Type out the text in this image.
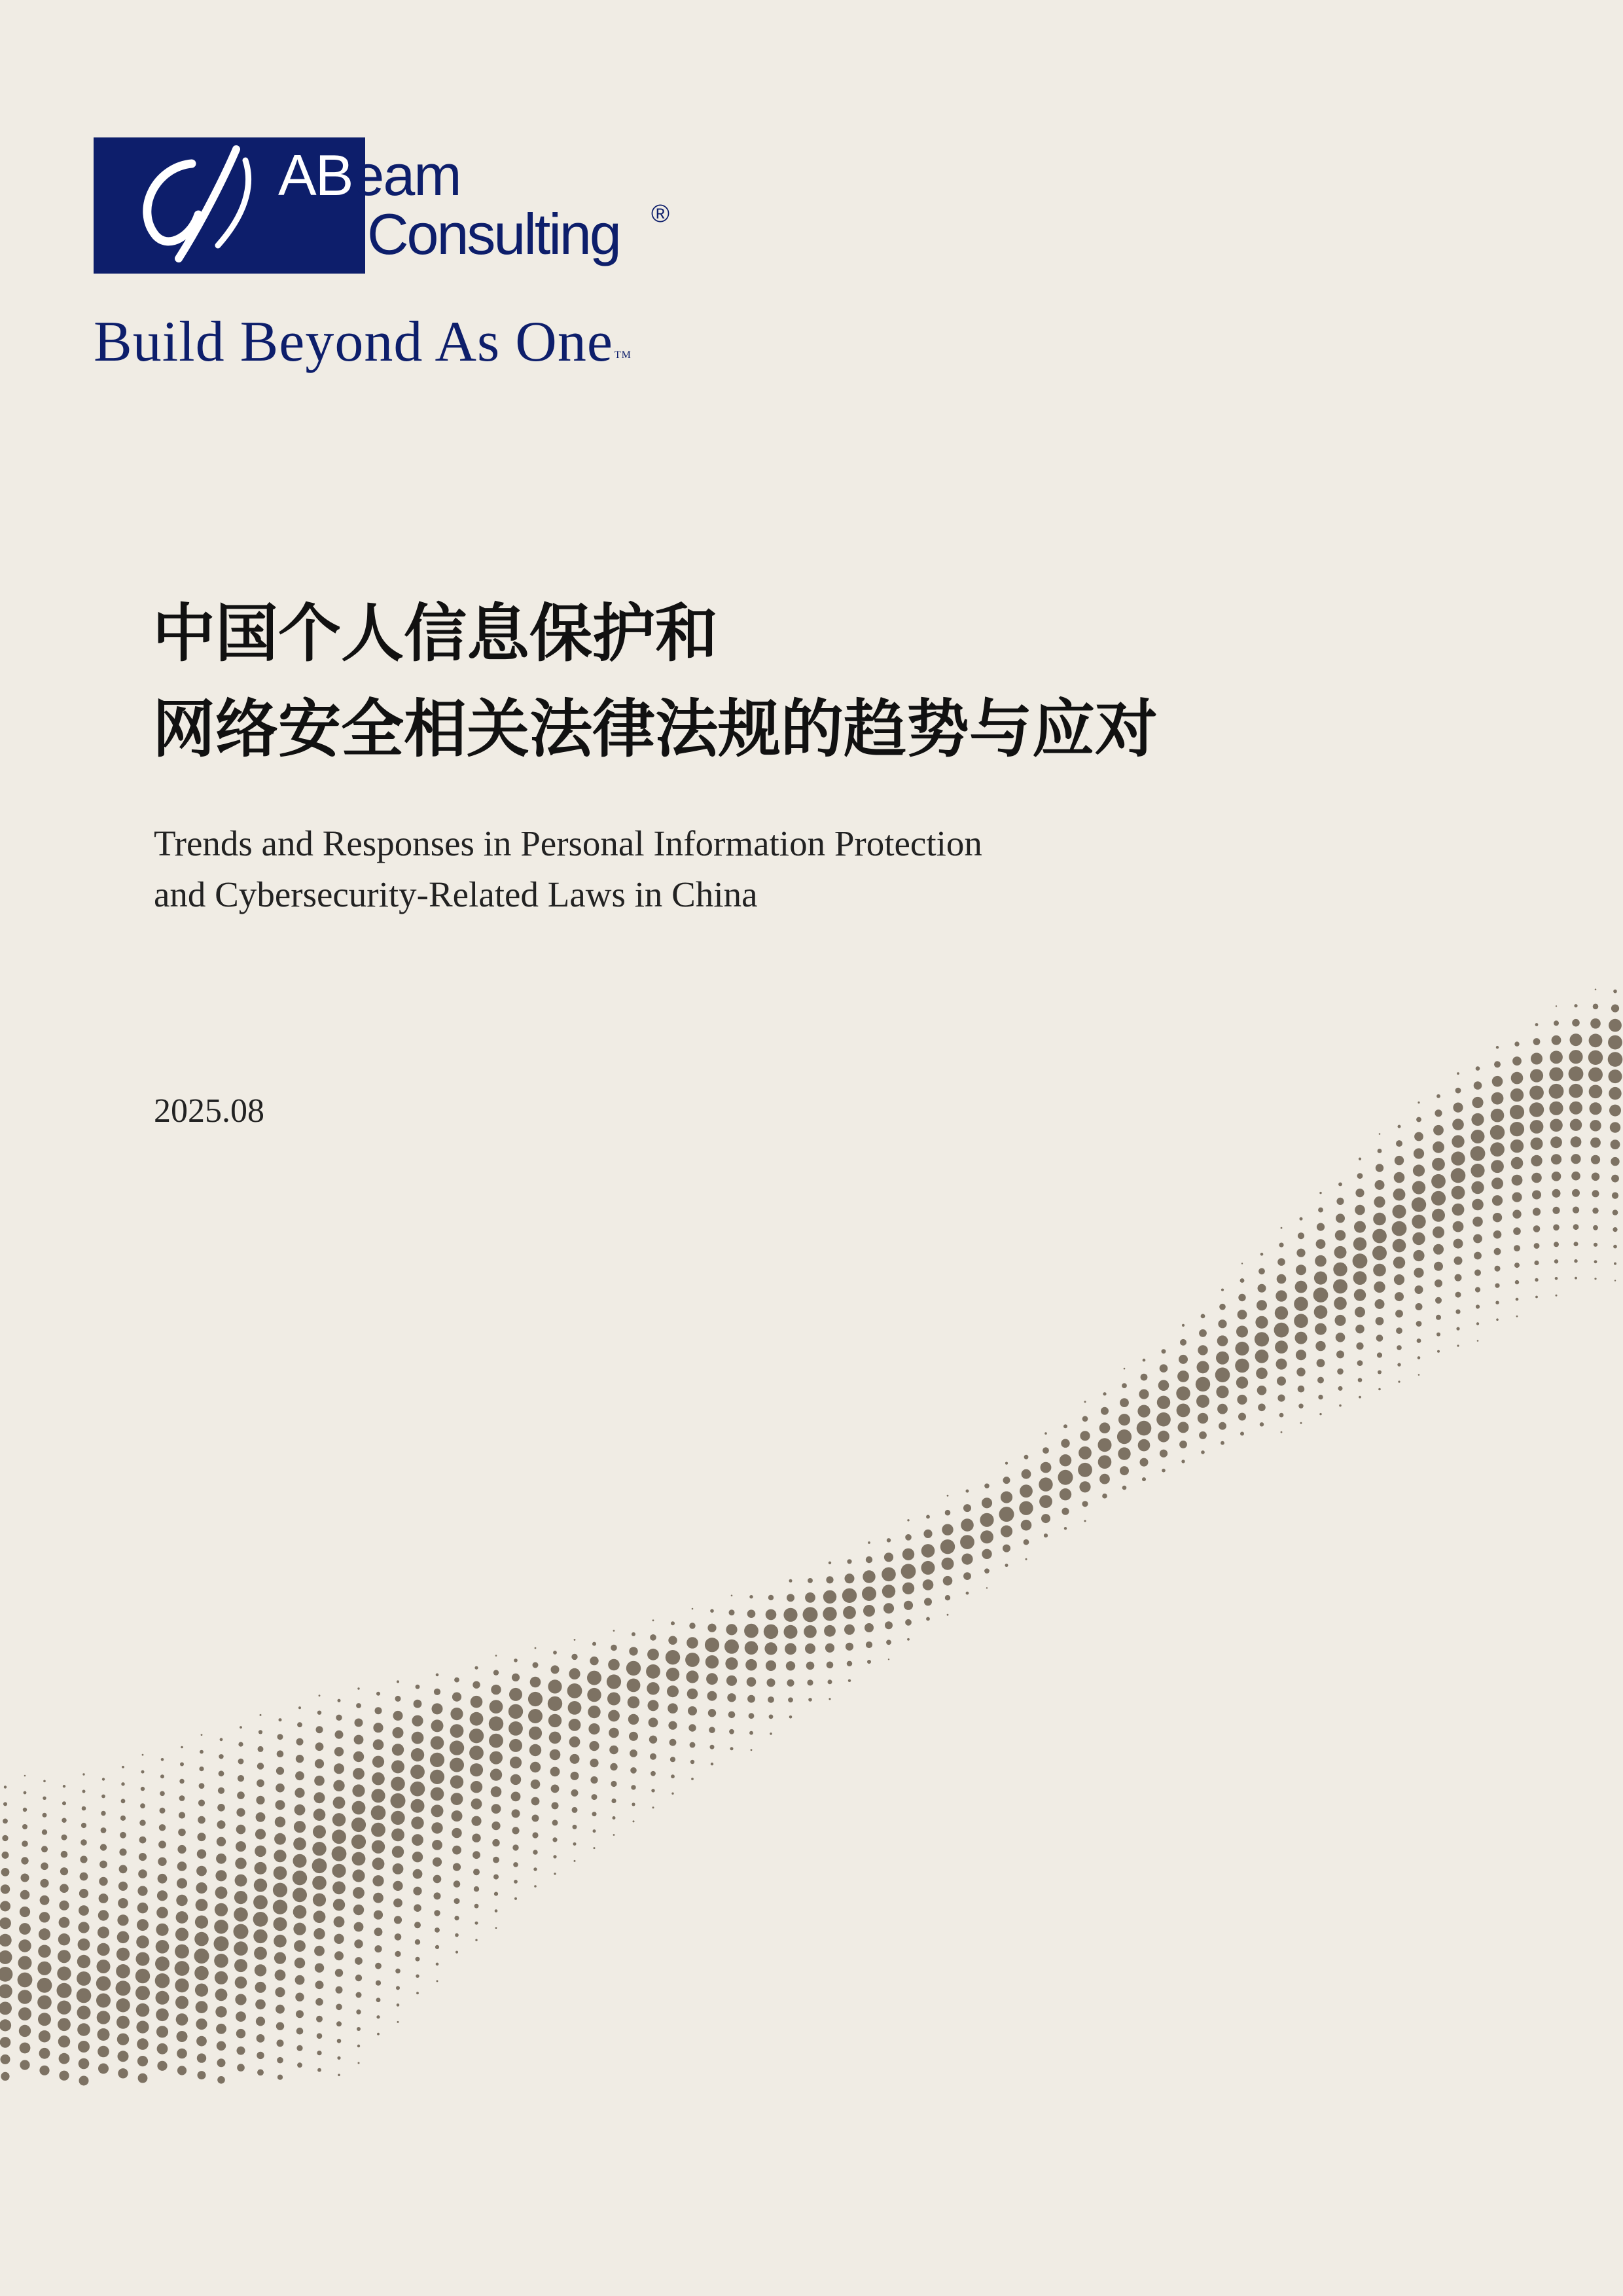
ABeam
Consulting ®
Build Beyond As One TM
中国个人信息保护和
网络安全相关法律法规的趋势与应对
Trends and Responses in Personal Information Protection
and Cybersecurity-Related Laws in China
2025.08
